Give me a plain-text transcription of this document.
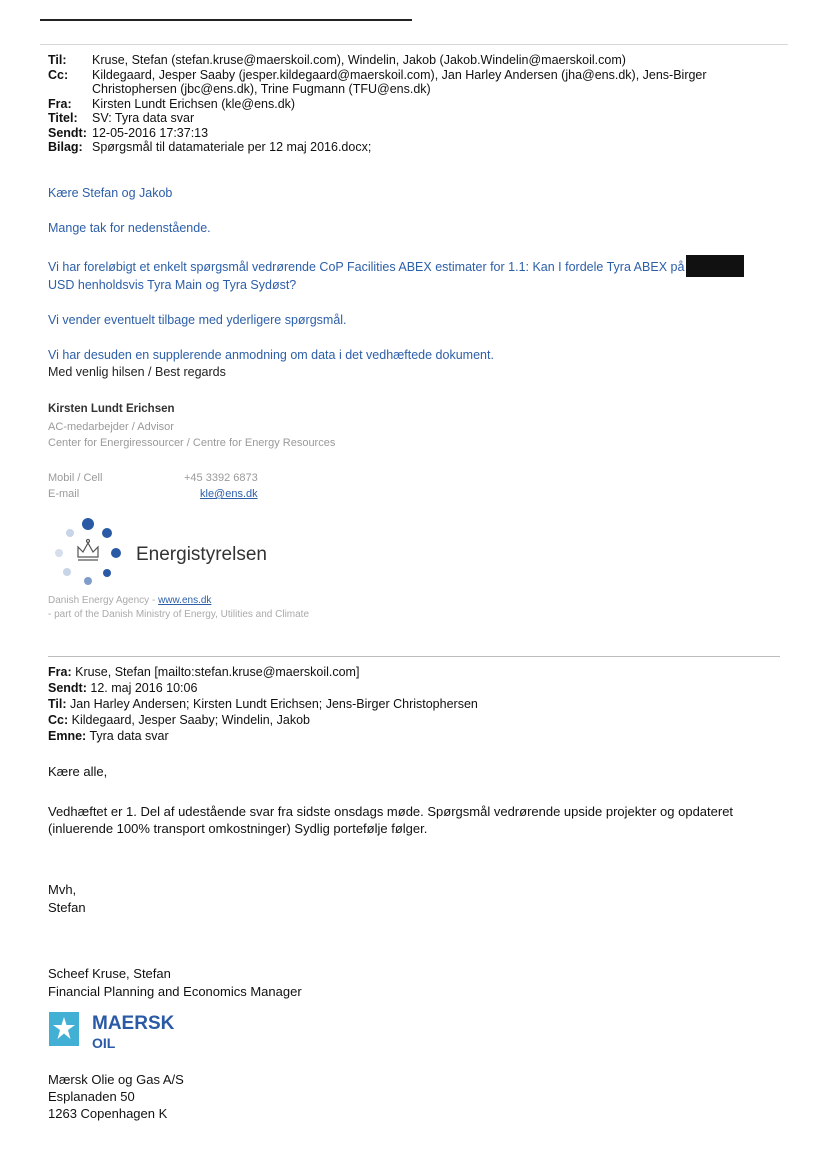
Til:	Kruse, Stefan (stefan.kruse@maerskoil.com), Windelin, Jakob (Jakob.Windelin@maerskoil.com)
Cc:	Kildegaard, Jesper Saaby (jesper.kildegaard@maerskoil.com), Jan Harley Andersen (jha@ens.dk), Jens-Birger Christophersen (jbc@ens.dk), Trine Fugmann (TFU@ens.dk)
Fra:	Kirsten Lundt Erichsen (kle@ens.dk)
Titel:	SV: Tyra data svar
Sendt: 12-05-2016 17:37:13
Bilag: Spørgsmål til datamateriale per 12 maj 2016.docx;

Kære Stefan og Jakob

Mange tak for nedenstående.

Vi har foreløbigt et enkelt spørgsmål vedrørende CoP Facilities ABEX estimater for 1.1: Kan I fordele Tyra ABEX på
USD henholdsvis Tyra Main og Tyra Sydøst?

Vi vender eventuelt tilbage med yderligere spørgsmål.

Vi har desuden en supplerende anmodning om data i det vedhæftede dokument.

Med venlig hilsen / Best regards
Kirsten Lundt Erichsen
AC-medarbejder / Advisor
Center for Energiressourcer / Centre for Energy Resources
Mobil / Cell	+45 3392 6873
E-mail	kle@ens.dk
Energistyrelsen
Danish Energy Agency - www.ens.dk
- part of the Danish Ministry of Energy, Utilities and Climate
Fra: Kruse, Stefan [mailto:stefan.kruse@maerskoil.com]
Sendt: 12. maj 2016 10:06
Til: Jan Harley Andersen; Kirsten Lundt Erichsen; Jens-Birger Christophersen
Cc: Kildegaard, Jesper Saaby; Windelin, Jakob
Emne: Tyra data svar

Kære alle,

Vedhæftet er 1. Del af udestående svar fra sidste onsdags møde. Spørgsmål vedrørende upside projekter og opdateret (inluerende 100% transport omkostninger) Sydlig portefølje følger.

Mvh,
Stefan
Scheef Kruse, Stefan
Financial Planning and Economics Manager
MAERSK
OIL
Mærsk Olie og Gas A/S
Esplanaden 50
1263 Copenhagen K
